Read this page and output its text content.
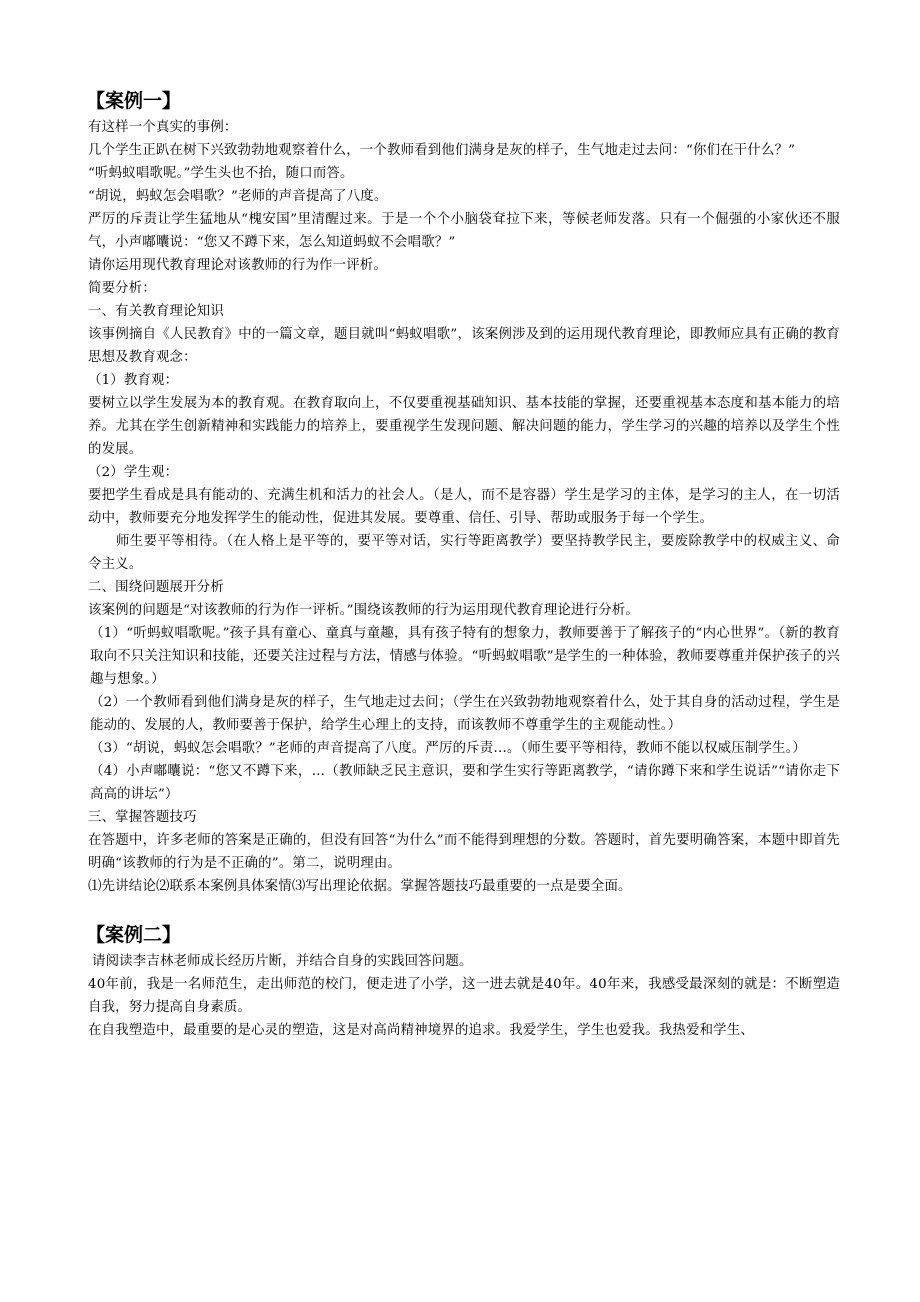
【案例一】
有这样一个真实的事例：
几个学生正趴在树下兴致勃勃地观察着什么，一个教师看到他们满身是灰的样子，生气地走过去问：“你们在干什么？”
“听蚂蚁唱歌呢。”学生头也不抬，随口而答。
“胡说，蚂蚁怎会唱歌？”老师的声音提高了八度。
严厉的斥责让学生猛地从“槐安国”里清醒过来。于是一个个小脑袋耷拉下来，等候老师发落。只有一个倔强的小家伙还不服气，小声嘟囔说：“您又不蹲下来，怎么知道蚂蚁不会唱歌？”
请你运用现代教育理论对该教师的行为作一评析。
简要分析：
一、有关教育理论知识
该事例摘自《人民教育》中的一篇文章，题目就叫“蚂蚁唱歌”，该案例涉及到的运用现代教育理论，即教师应具有正确的教育思想及教育观念：
（1）教育观：
要树立以学生发展为本的教育观。在教育取向上，不仅要重视基础知识、基本技能的掌握，还要重视基本态度和基本能力的培养。尤其在学生创新精神和实践能力的培养上，要重视学生发现问题、解决问题的能力，学生学习的兴趣的培养以及学生个性的发展。
（2）学生观：
要把学生看成是具有能动的、充满生机和活力的社会人。（是人，而不是容器）学生是学习的主体，是学习的主人，在一切活动中，教师要充分地发挥学生的能动性，促进其发展。要尊重、信任、引导、帮助或服务于每一个学生。
师生要平等相待。（在人格上是平等的，要平等对话，实行等距离教学）要坚持教学民主，要废除教学中的权威主义、命令主义。
二、围绕问题展开分析
该案例的问题是“对该教师的行为作一评析。”围绕该教师的行为运用现代教育理论进行分析。
（1）“听蚂蚁唱歌呢。”孩子具有童心、童真与童趣，具有孩子特有的想象力，教师要善于了解孩子的“内心世界”。（新的教育取向不只关注知识和技能，还要关注过程与方法，情感与体验。“听蚂蚁唱歌”是学生的一种体验，教师要尊重并保护孩子的兴趣与想象。）
（2）一个教师看到他们满身是灰的样子，生气地走过去问；（学生在兴致勃勃地观察着什么，处于其自身的活动过程，学生是能动的、发展的人，教师要善于保护，给学生心理上的支持，而该教师不尊重学生的主观能动性。）
（3）“胡说，蚂蚁怎会唱歌？”老师的声音提高了八度。严厉的斥责…。（师生要平等相待，教师不能以权威压制学生。）
（4）小声嘟囔说：“您又不蹲下来，…（教师缺乏民主意识，要和学生实行等距离教学，“请你蹲下来和学生说话”“请你走下高高的讲坛”）
三、掌握答题技巧
在答题中，许多老师的答案是正确的，但没有回答“为什么”而不能得到理想的分数。答题时，首先要明确答案，本题中即首先明确“该教师的行为是不正确的”。第二，说明理由。
⑴先讲结论⑵联系本案例具体案情⑶写出理论依据。掌握答题技巧最重要的一点是要全面。
【案例二】
请阅读李吉林老师成长经历片断，并结合自身的实践回答问题。
40年前，我是一名师范生，走出师范的校门，便走进了小学，这一进去就是40年。40年来，我感受最深刻的就是：不断塑造自我，努力提高自身素质。
在自我塑造中，最重要的是心灵的塑造，这是对高尚精神境界的追求。我爱学生，学生也爱我。我热爱和学生、
